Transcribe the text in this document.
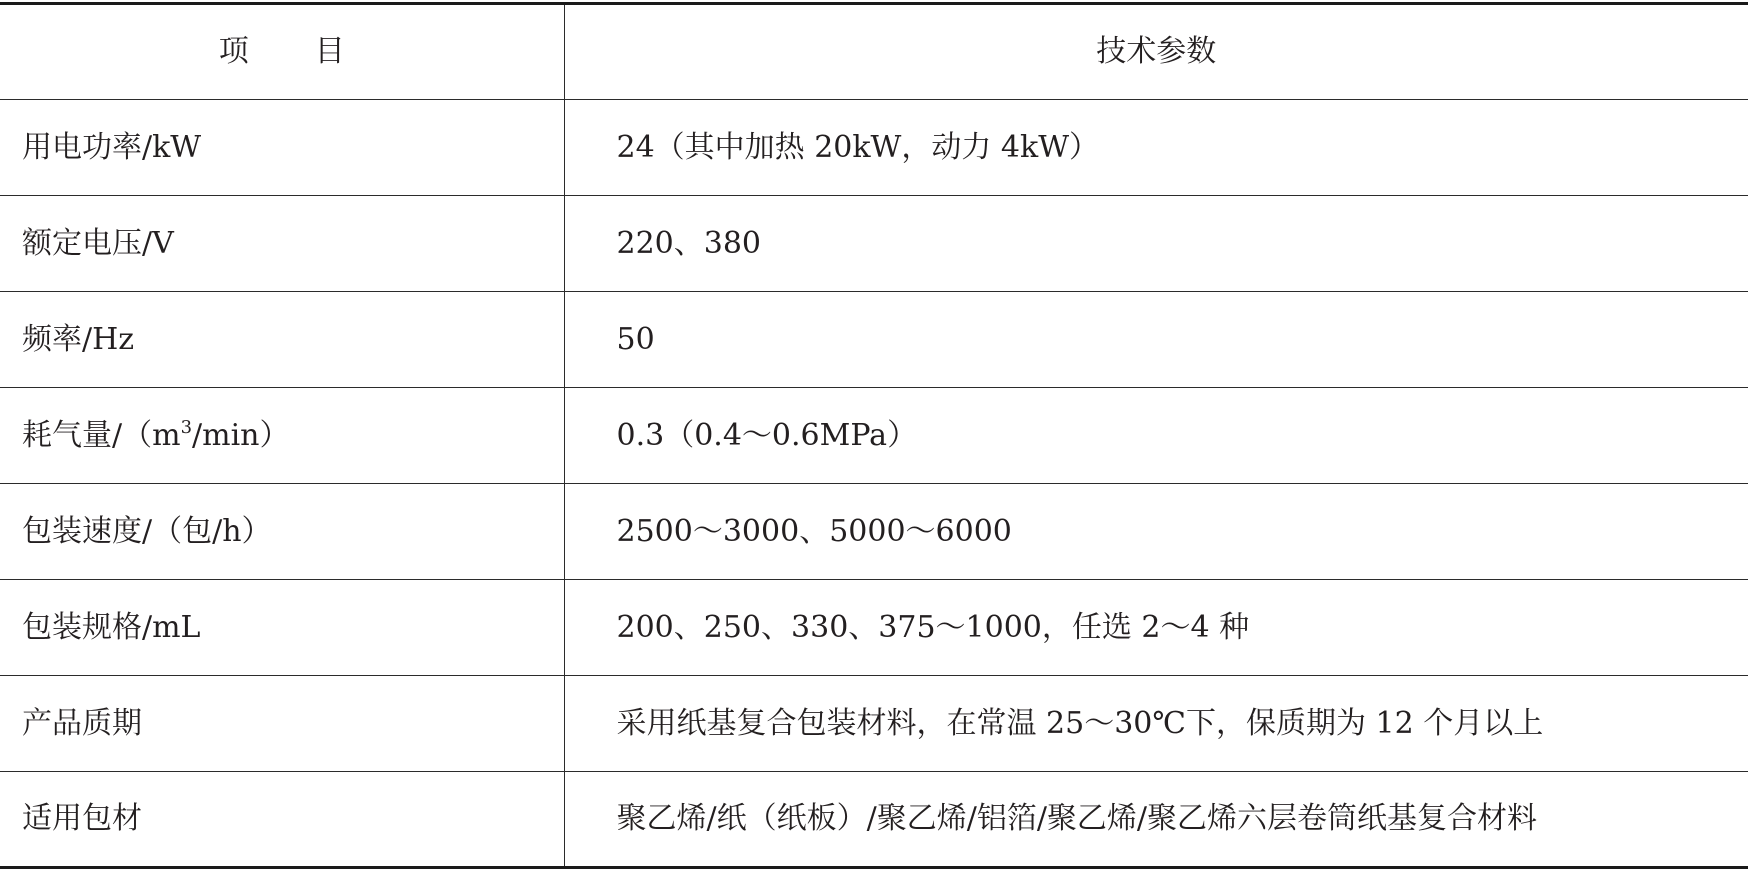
项目	技术参数
用电功率/kW	24（其中加热 20kW，动力 4kW）
额定电压/V	220、380
频率/Hz	50
耗气量$/(m^3/\min)$	0.3（0.4～0.6MPa）
包装速度/（包/h）	2500～3000、5000～6000
包装规格/mL	200、250、330、375～1000，任选 2～4 种
产品质期	采用纸基复合包装材料，在常温 25～30℃下，保质期为 12 个月以上
适用包材	聚乙烯/纸（纸板）/聚乙烯/铝箔/聚乙烯/聚乙烯六层卷筒纸基复合材料
